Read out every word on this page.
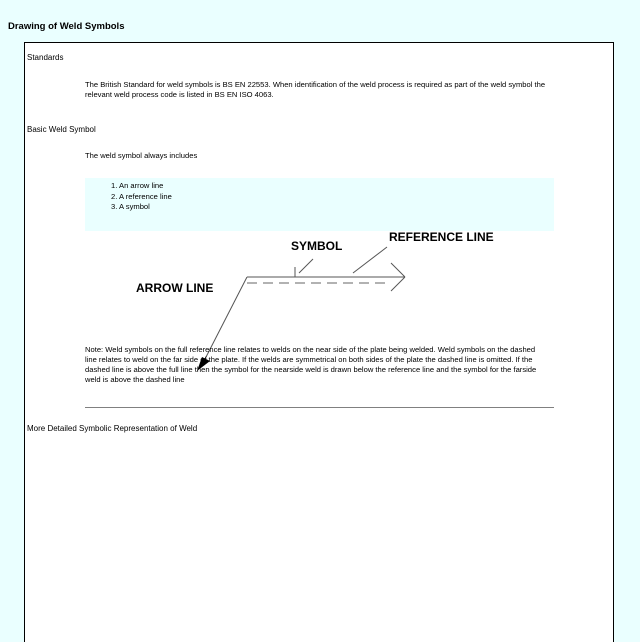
Drawing of Weld Symbols
Standards
The British Standard for weld symbols is BS EN 22553. When identification of the weld process is required as part of the weld symbol the
relevant weld process code is listed in BS EN ISO 4063.
Basic Weld Symbol
The weld symbol always includes
1. An arrow line
2. A reference line
3. A symbol
SYMBOL
REFERENCE LINE
ARROW LINE
Note: Weld symbols on the full reference line relates to welds on the near side of the plate being welded. Weld symbols on the dashed
line relates to weld on the far side of the plate. If the welds are symmetrical on both sides of the plate the dashed line is omitted. If the
dashed line is above the full line then the symbol for the nearside weld is drawn below the reference line and the symbol for the farside
weld is above the dashed line
More Detailed Symbolic Representation of Weld
